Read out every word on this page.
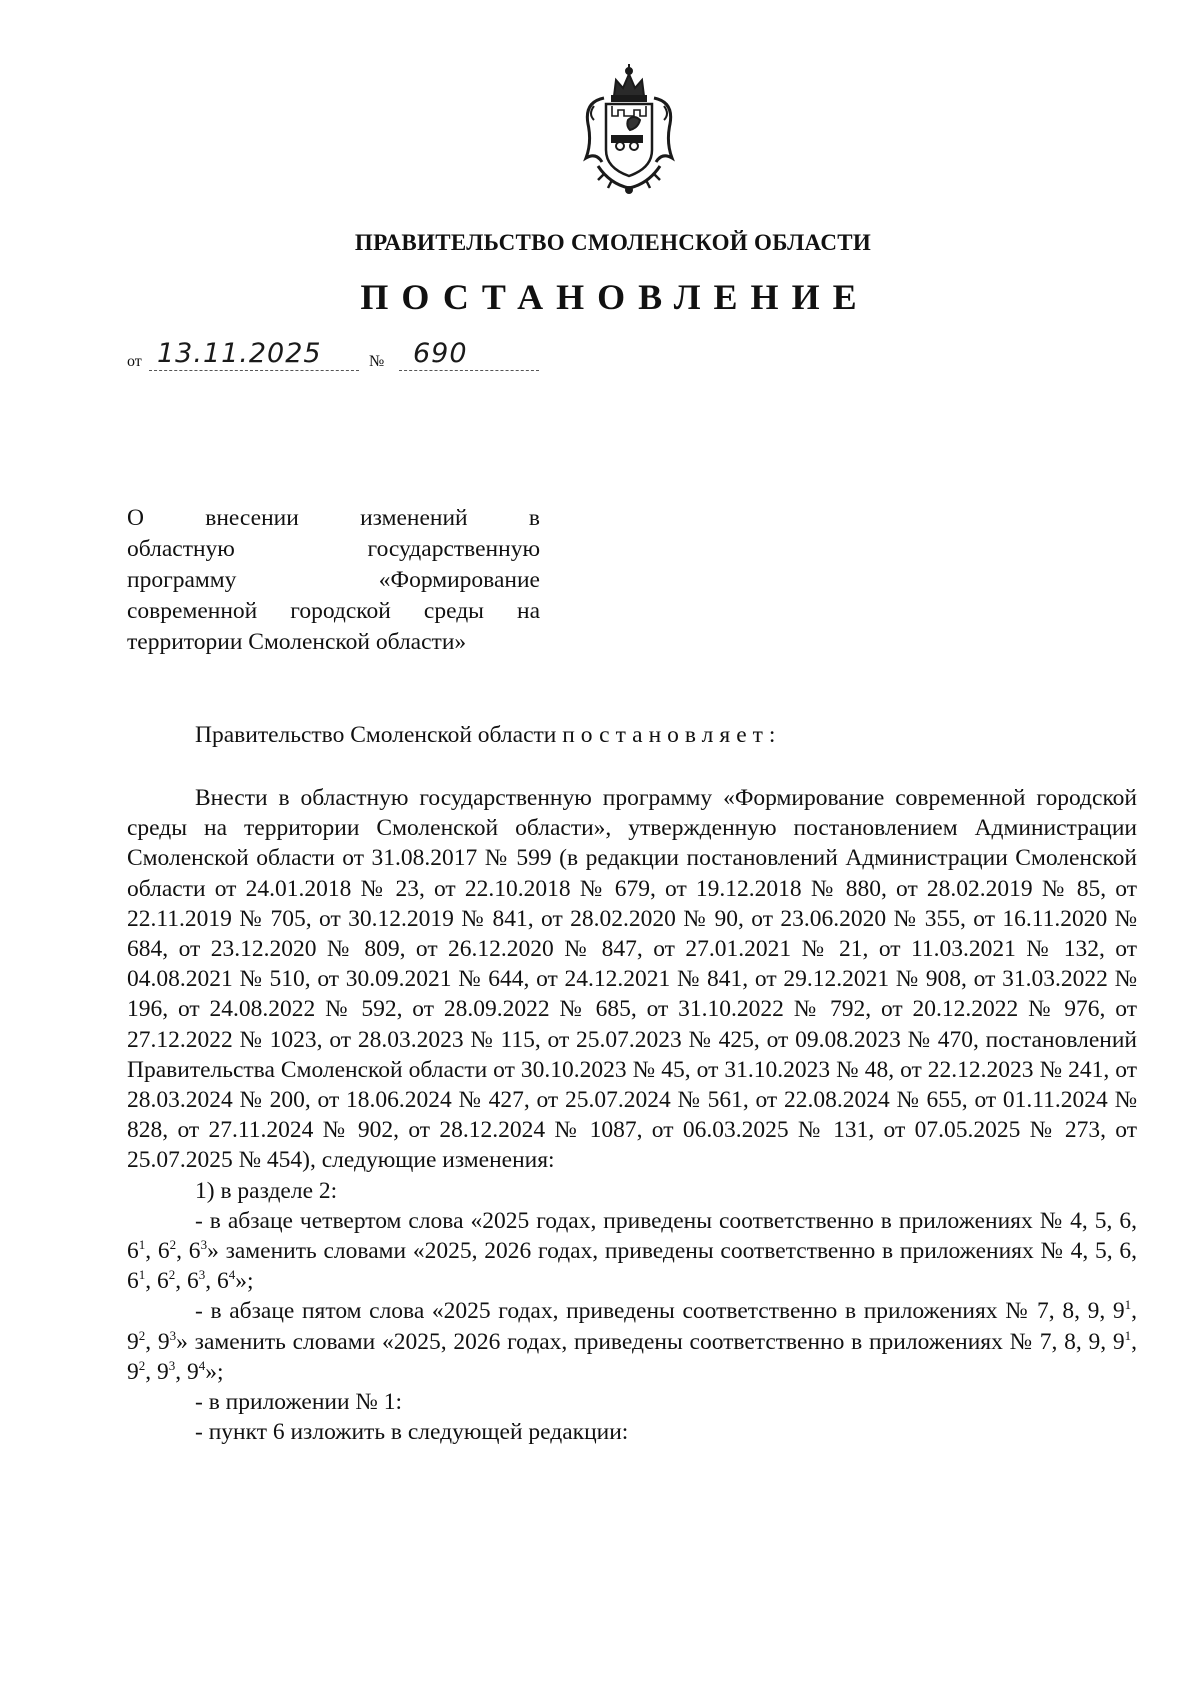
ПРАВИТЕЛЬСТВО СМОЛЕНСКОЙ ОБЛАСТИ
ПОСТАНОВЛЕНИЕ
от 13.11.2025	№ 690
О внесении изменений в
областную государственную
программу «Формирование
современной городской среды на
территории Смоленской области»
Правительство Смоленской области постановляет:

Внести в областную государственную программу «Формирование современной городской среды на территории Смоленской области», утвержденную постановлением Администрации Смоленской области от 31.08.2017 № 599 (в редакции постановлений Администрации Смоленской области от 24.01.2018 № 23, от 22.10.2018 № 679, от 19.12.2018 № 880, от 28.02.2019 № 85, от 22.11.2019 № 705, от 30.12.2019 № 841, от 28.02.2020 № 90, от 23.06.2020 № 355, от 16.11.2020 № 684, от 23.12.2020 № 809, от 26.12.2020 № 847, от 27.01.2021 № 21, от 11.03.2021 № 132, от 04.08.2021 № 510, от 30.09.2021 № 644, от 24.12.2021 № 841, от 29.12.2021 № 908, от 31.03.2022 № 196, от 24.08.2022 № 592, от 28.09.2022 № 685, от 31.10.2022 № 792, от 20.12.2022 № 976, от 27.12.2022 № 1023, от 28.03.2023 № 115, от 25.07.2023 № 425, от 09.08.2023 № 470, постановлений Правительства Смоленской области от 30.10.2023 № 45, от 31.10.2023 № 48, от 22.12.2023 № 241, от 28.03.2024 № 200, от 18.06.2024 № 427, от 25.07.2024 № 561, от 22.08.2024 № 655, от 01.11.2024 № 828, от 27.11.2024 № 902, от 28.12.2024 № 1087, от 06.03.2025 № 131, от 07.05.2025 № 273, от 25.07.2025 № 454), следующие изменения:

1) в разделе 2:

- в абзаце четвертом слова «2025 годах, приведены соответственно в приложениях № 4, 5, 6, $6^1$, $6^2$, $6^3$» заменить словами «2025, 2026 годах, приведены соответственно в приложениях № 4, 5, 6, $6^1$, $6^2$, $6^3$, $6^4$»;

- в абзаце пятом слова «2025 годах, приведены соответственно в приложениях № 7, 8, 9, $9^1$, $9^2$, $9^3$» заменить словами «2025, 2026 годах, приведены соответственно в приложениях № 7, 8, 9, $9^1$, $9^2$, $9^3$, $9^4$»;

- в приложении № 1:

- пункт 6 изложить в следующей редакции:
